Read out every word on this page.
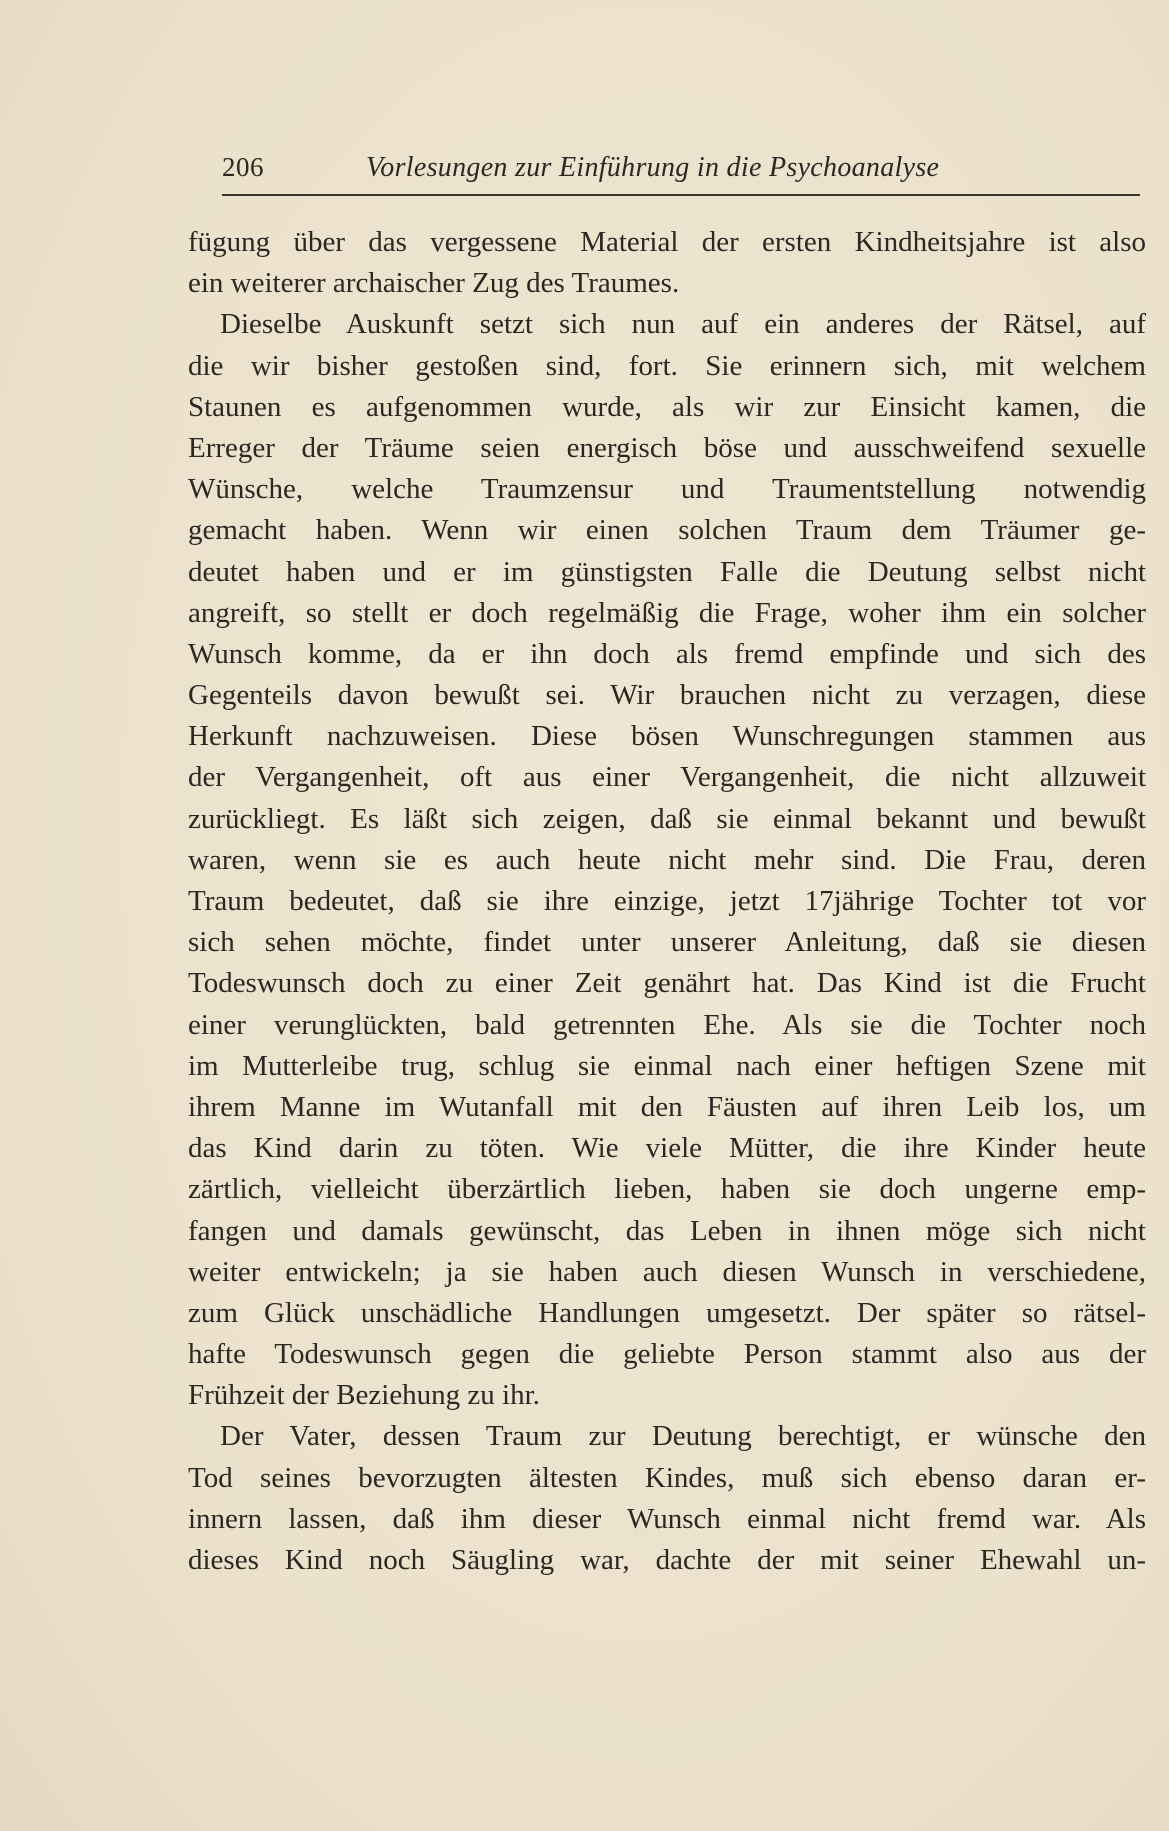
206	Vorlesungen zur Einführung in die Psychoanalyse
fügung über das vergessene Material der ersten Kindheitsjahre ist also
ein weiterer archaischer Zug des Traumes.
Dieselbe Auskunft setzt sich nun auf ein anderes der Rätsel, auf
die wir bisher gestoßen sind, fort. Sie erinnern sich, mit welchem
Staunen es aufgenommen wurde, als wir zur Einsicht kamen, die
Erreger der Träume seien energisch böse und ausschweifend sexuelle
Wünsche, welche Traumzensur und Traumentstellung notwendig
gemacht haben. Wenn wir einen solchen Traum dem Träumer ge-
deutet haben und er im günstigsten Falle die Deutung selbst nicht
angreift, so stellt er doch regelmäßig die Frage, woher ihm ein solcher
Wunsch komme, da er ihn doch als fremd empfinde und sich des
Gegenteils davon bewußt sei. Wir brauchen nicht zu verzagen, diese
Herkunft nachzuweisen. Diese bösen Wunschregungen stammen aus
der Vergangenheit, oft aus einer Vergangenheit, die nicht allzuweit
zurückliegt. Es läßt sich zeigen, daß sie einmal bekannt und bewußt
waren, wenn sie es auch heute nicht mehr sind. Die Frau, deren
Traum bedeutet, daß sie ihre einzige, jetzt 17jährige Tochter tot vor
sich sehen möchte, findet unter unserer Anleitung, daß sie diesen
Todeswunsch doch zu einer Zeit genährt hat. Das Kind ist die Frucht
einer verunglückten, bald getrennten Ehe. Als sie die Tochter noch
im Mutterleibe trug, schlug sie einmal nach einer heftigen Szene mit
ihrem Manne im Wutanfall mit den Fäusten auf ihren Leib los, um
das Kind darin zu töten. Wie viele Mütter, die ihre Kinder heute
zärtlich, vielleicht überzärtlich lieben, haben sie doch ungerne emp-
fangen und damals gewünscht, das Leben in ihnen möge sich nicht
weiter entwickeln; ja sie haben auch diesen Wunsch in verschiedene,
zum Glück unschädliche Handlungen umgesetzt. Der später so rätsel-
hafte Todeswunsch gegen die geliebte Person stammt also aus der
Frühzeit der Beziehung zu ihr.
Der Vater, dessen Traum zur Deutung berechtigt, er wünsche den
Tod seines bevorzugten ältesten Kindes, muß sich ebenso daran er-
innern lassen, daß ihm dieser Wunsch einmal nicht fremd war. Als
dieses Kind noch Säugling war, dachte der mit seiner Ehewahl un-
